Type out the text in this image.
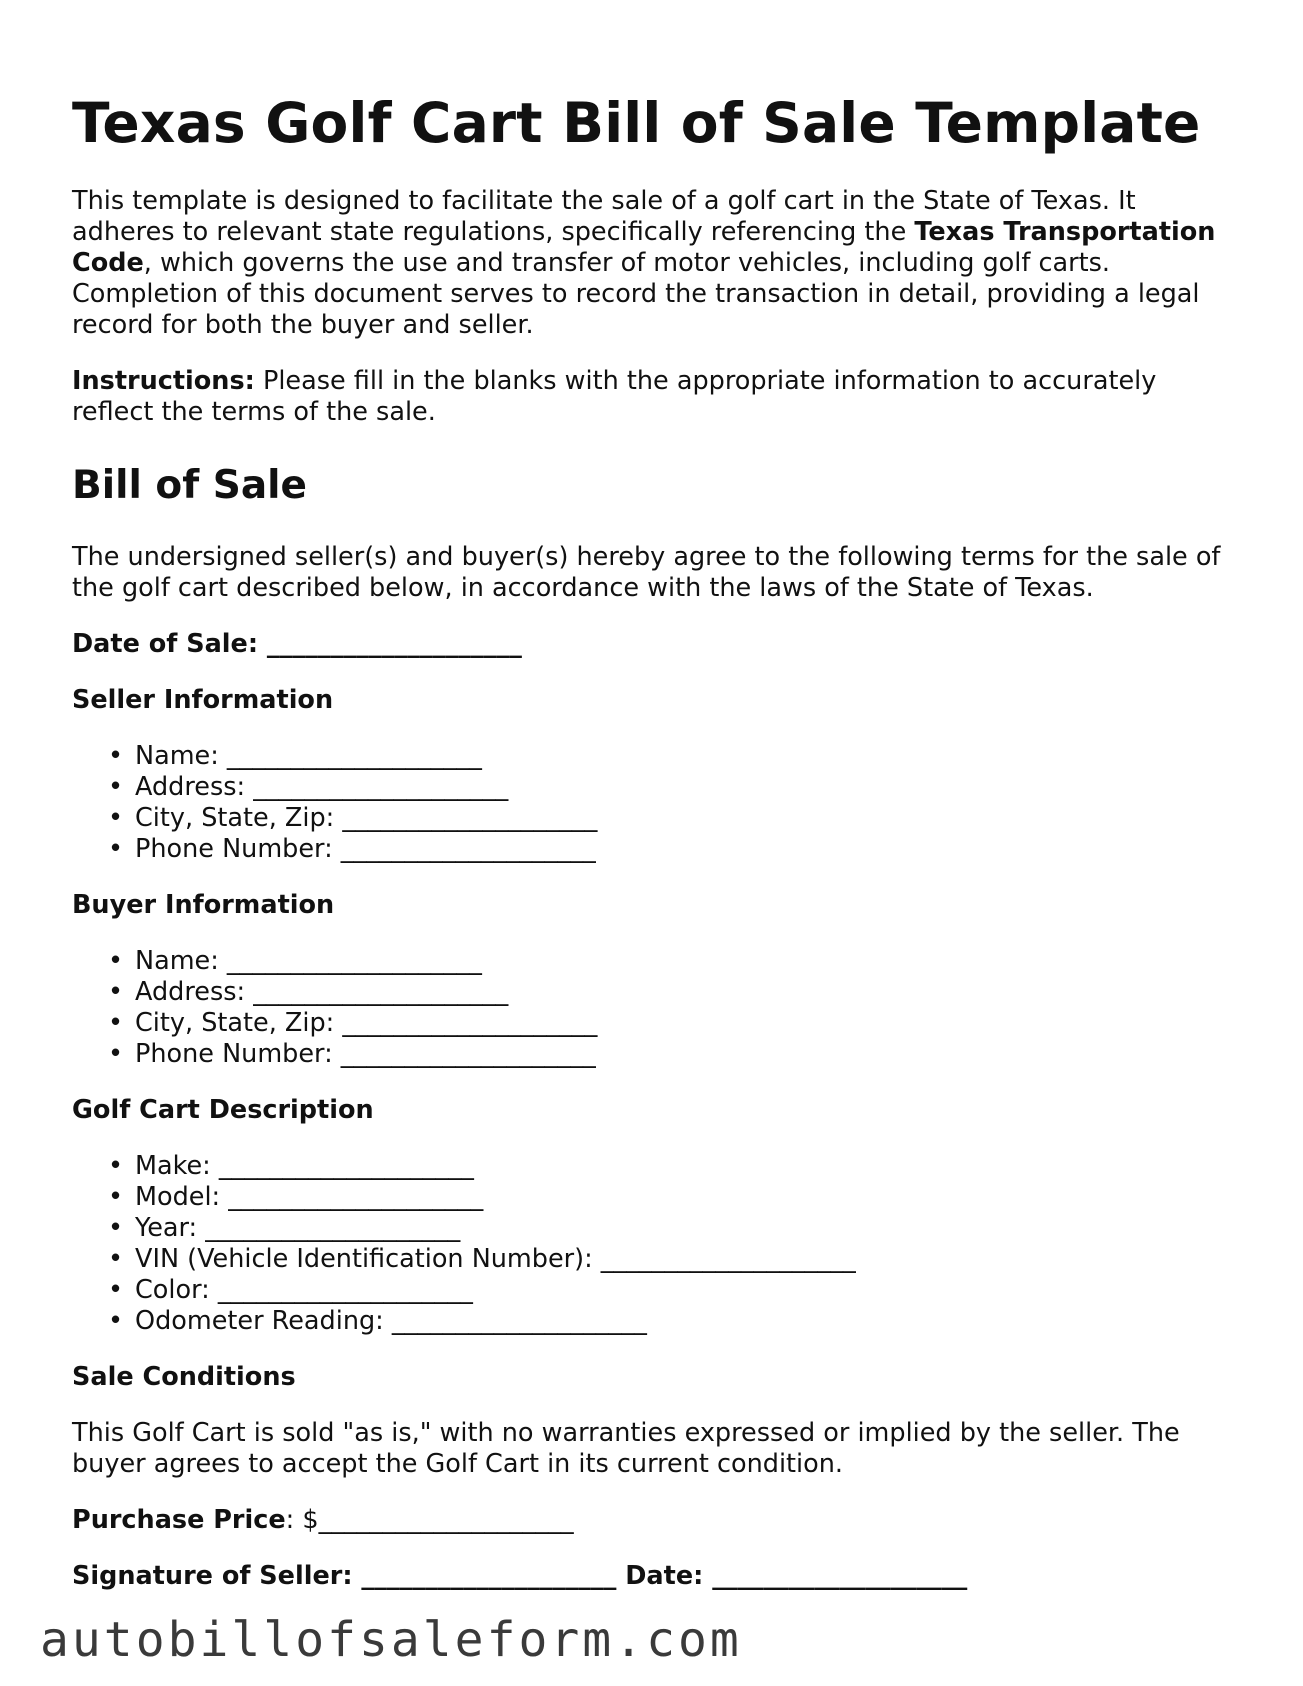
Texas Golf Cart Bill of Sale Template

This template is designed to facilitate the sale of a golf cart in the State of Texas. It adheres to relevant state regulations, specifically referencing the Texas Transportation Code, which governs the use and transfer of motor vehicles, including golf carts. Completion of this document serves to record the transaction in detail, providing a legal record for both the buyer and seller.

Instructions: Please fill in the blanks with the appropriate information to accurately reflect the terms of the sale.

Bill of Sale

The undersigned seller(s) and buyer(s) hereby agree to the following terms for the sale of the golf cart described below, in accordance with the laws of the State of Texas.

Date of Sale: ____________________
Seller Information
• Name: ____________________
• Address: ____________________
• City, State, Zip: ____________________
• Phone Number: ____________________
Buyer Information
• Name: ____________________
• Address: ____________________
• City, State, Zip: ____________________
• Phone Number: ____________________
Golf Cart Description
• Make: ____________________
• Model: ____________________
• Year: ____________________
• VIN (Vehicle Identification Number): ____________________
• Color: ____________________
• Odometer Reading: ____________________
Sale Conditions

This Golf Cart is sold "as is," with no warranties expressed or implied by the seller. The buyer agrees to accept the Golf Cart in its current condition.

Purchase Price: $____________________

Signature of Seller: ____________________ Date: ____________________
autobillofsaleform.com
